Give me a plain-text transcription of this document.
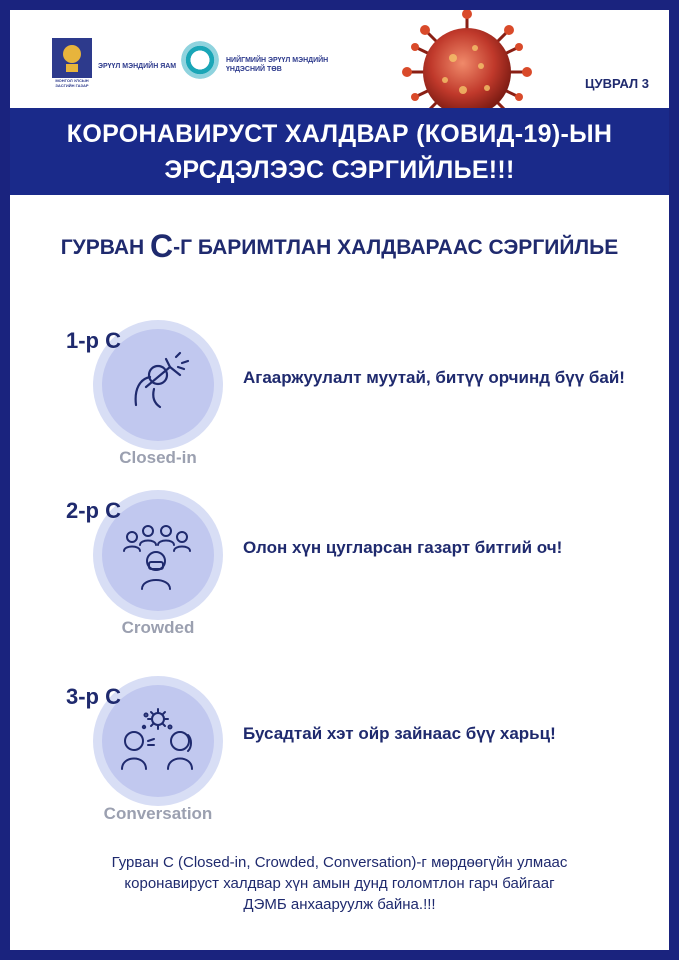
МОНГОЛ УЛСЫН ЗАСГИЙН ГАЗАР
ЭРҮҮЛ МЭНДИЙН ЯАМ
НИЙГМИЙН ЭРҮҮЛ МЭНДИЙН ҮНДЭСНИЙ ТӨВ
ЦУВРАЛ 3
КОРОНАВИРУСТ ХАЛДВАР (КОВИД-19)-ЫН
ЭРСДЭЛЭЭС СЭРГИЙЛЬЕ!!!
ГУРВАН С-Г БАРИМТЛАН ХАЛДВАРААС СЭРГИЙЛЬЕ
1-р С
Closed-in
Агааржуулалт муутай, битүү орчинд бүү бай!
2-р С
Crowded
Олон хүн цугларсан газарт битгий оч!
3-р С
Conversation
Бусадтай хэт ойр зайнаас бүү харьц!
Гурван С (Closed-in, Crowded, Conversation)-г мөрдөөгүйн улмаас
коронавируст халдвар хүн амын дунд голомтлон гарч байгааг
ДЭМБ анхааруулж байна.!!!
